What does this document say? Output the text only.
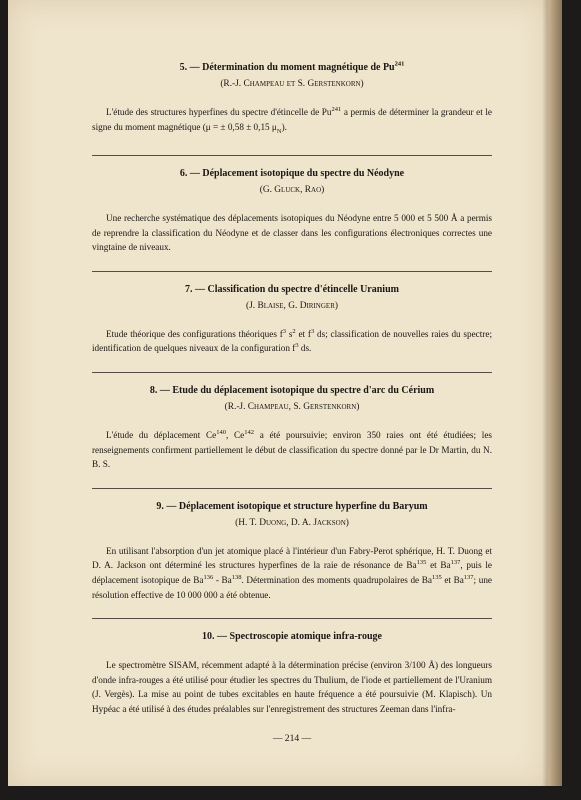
5. — Détermination du moment magnétique de Pu$^{241}$

(R.-J. Champeau et S. Gerstenkorn)

L'étude des structures hyperfines du spectre d'étincelle de Pu$^{241}$ a permis de déterminer la grandeur et le signe du moment magnétique (μ = ± 0,58 ± 0,15 $\mu_N$).

6. — Déplacement isotopique du spectre du Néodyne

(G. Gluck, Rao)

Une recherche systématique des déplacements isotopiques du Néodyne entre 5 000 et 5 500 Å a permis de reprendre la classification du Néodyne et de classer dans les configurations électroniques correctes une vingtaine de niveaux.

7. — Classification du spectre d'étincelle Uranium

(J. Blaise, G. Diringer)

Etude théorique des configurations théoriques $f^3$ $s^2$ et $f^3$ ds; classification de nouvelles raies du spectre; identification de quelques niveaux de la configuration $f^3$ ds.

8. — Etude du déplacement isotopique du spectre d'arc du Cérium

(R.-J. Champeau, S. Gerstenkorn)

L'étude du déplacement Ce$^{140}$, Ce$^{142}$ a été poursuivie; environ 350 raies ont été étudiées; les renseignements confirment partiellement le début de classification du spectre donné par le Dr Martin, du N. B. S.

9. — Déplacement isotopique et structure hyperfine du Baryum

(H. T. Duong, D. A. Jackson)

En utilisant l'absorption d'un jet atomique placé à l'intérieur d'un Fabry-Perot sphérique, H. T. Duong et D. A. Jackson ont déterminé les structures hyperfines de la raie de résonance de Ba$^{135}$ et Ba$^{137}$, puis le déplacement isotopique de Ba$^{136}$ - Ba$^{138}$. Détermination des moments quadrupolaires de Ba$^{135}$ et Ba$^{137}$; une résolution effective de 10 000 000 a été obtenue.

10. — Spectroscopie atomique infra-rouge

Le spectromètre SISAM, récemment adapté à la détermination précise (environ 3/100 Å) des longueurs d'onde infra-rouges a été utilisé pour étudier les spectres du Thulium, de l'iode et partiellement de l'Uranium (J. Vergès). La mise au point de tubes excitables en haute fréquence a été poursuivie (M. Klapisch). Un Hypéac a été utilisé à des études préalables sur l'enregistrement des structures Zeeman dans l'infra-

— 214 —
